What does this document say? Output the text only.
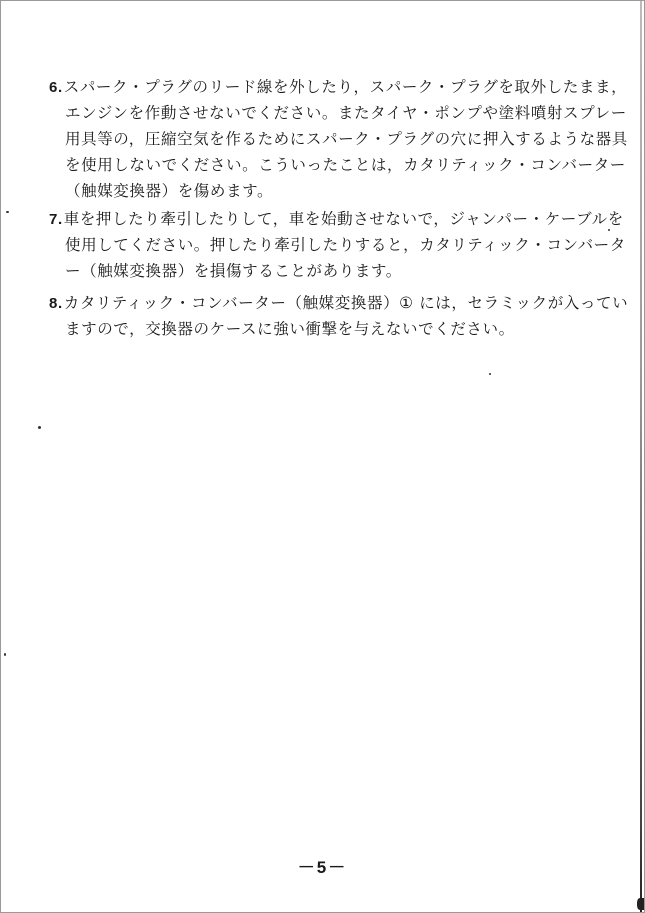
6.スパーク・プラグのリード線を外したり，スパーク・プラグを取外したまま，
エンジンを作動させないでください。またタイヤ・ポンプや塗料噴射スプレー
用具等の，圧縮空気を作るためにスパーク・プラグの穴に押入するような器具
を使用しないでください。こういったことは，カタリティック・コンバーター
（触媒変換器）を傷めます。
7.車を押したり牽引したりして，車を始動させないで，ジャンパー・ケーブルを
使用してください。押したり牽引したりすると，カタリティック・コンバータ
ー（触媒変換器）を損傷することがあります。
8.カタリティック・コンバーター（触媒変換器）① には，セラミックが入ってい
ますので，交換器のケースに強い衝撃を与えないでください。
－5－
